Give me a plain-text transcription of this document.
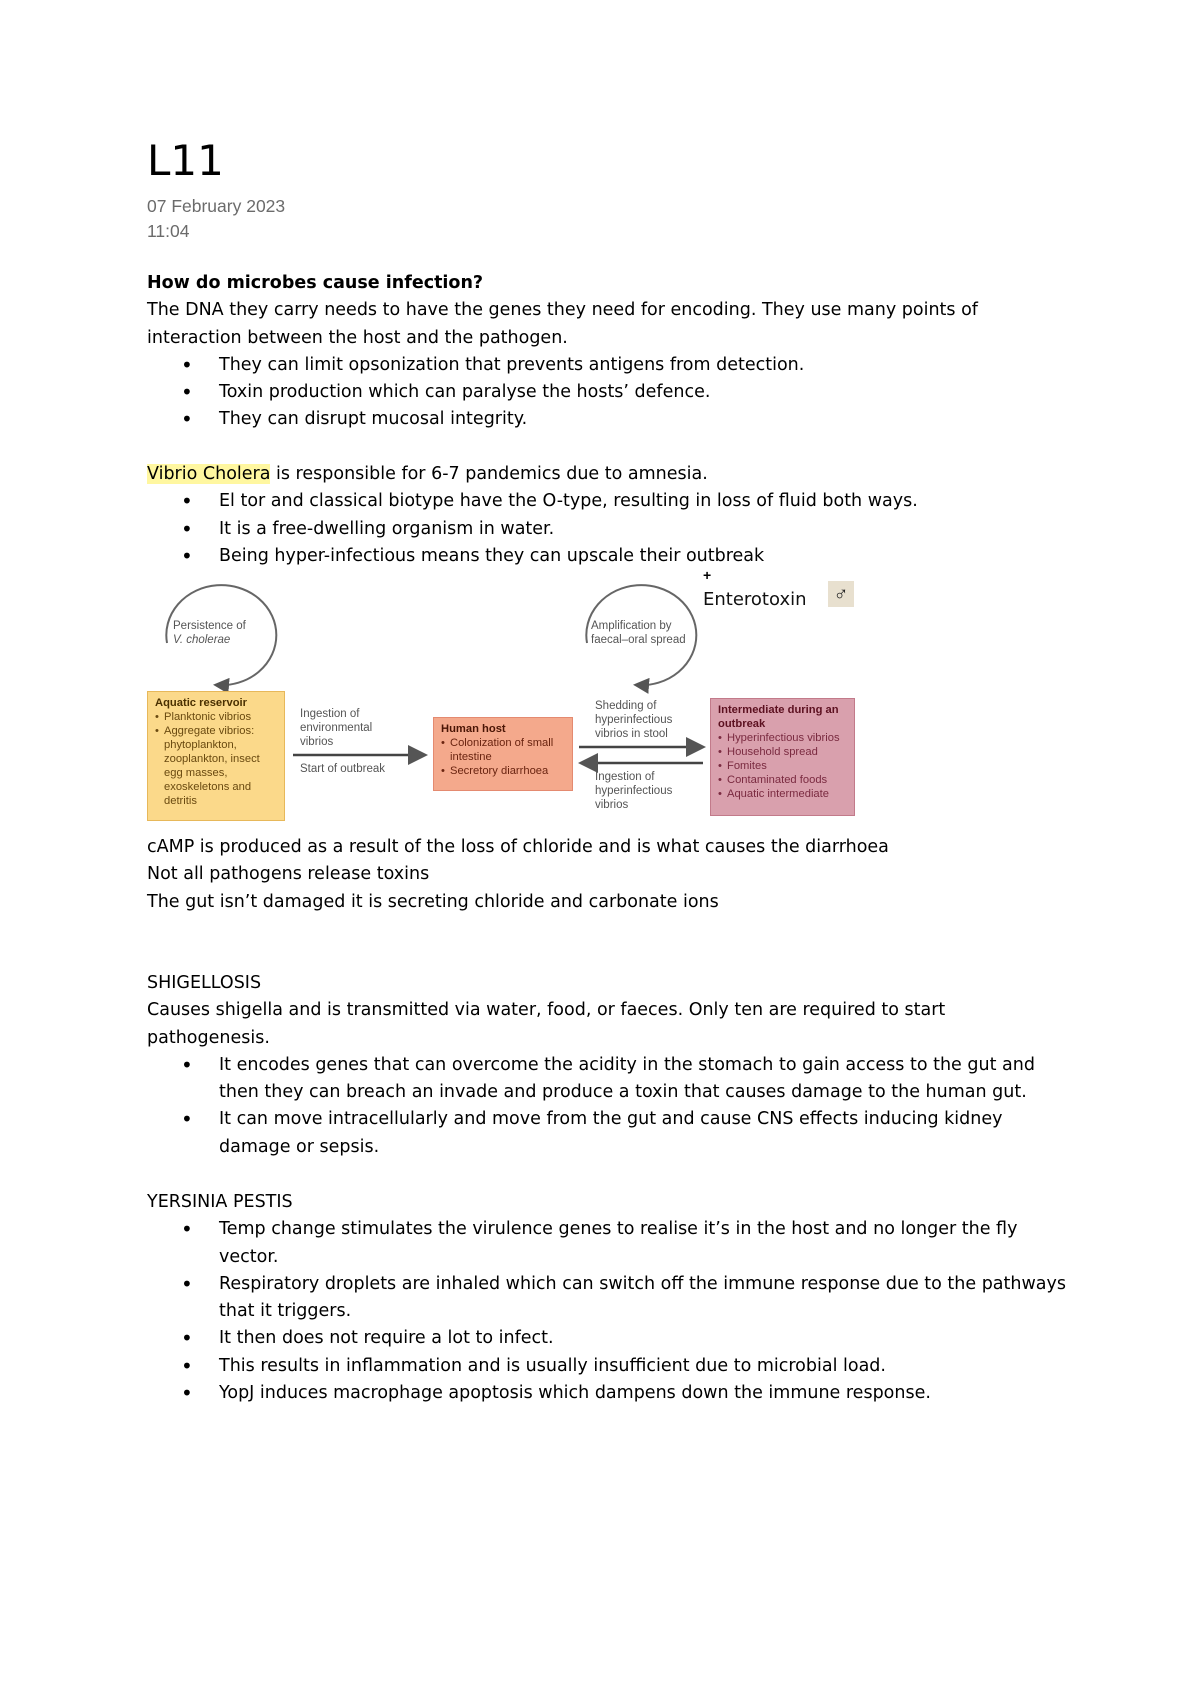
L11
07 February 2023
11:04

How do microbes cause infection?

The DNA they carry needs to have the genes they need for encoding. They use many points of interaction between the host and the pathogen.

• They can limit opsonization that prevents antigens from detection.
• Toxin production which can paralyse the hosts’ defence.
• They can disrupt mucosal integrity.

Vibrio Cholera is responsible for 6-7 pandemics due to amnesia.

• El tor and classical biotype have the O-type, resulting in loss of fluid both ways.
• It is a free-dwelling organism in water.
• Being hyper-infectious means they can upscale their outbreak
Persistence of
V. cholerae
Amplification by
faecal–oral spread
+
Enterotoxin ♂
Aquatic reservoir
• Planktonic vibrios
• Aggregate vibrios: phytoplankton, zooplankton, insect egg masses, exoskeletons and detritis
Ingestion of
environmental
vibrios
Start of outbreak
Human host
• Colonization of small intestine
• Secretory diarrhoea
Shedding of
hyperinfectious
vibrios in stool
Ingestion of
hyperinfectious
vibrios
Intermediate during an outbreak
• Hyperinfectious vibrios
• Household spread
• Fomites
• Contaminated foods
• Aquatic intermediate

cAMP is produced as a result of the loss of chloride and is what causes the diarrhoea

Not all pathogens release toxins

The gut isn’t damaged it is secreting chloride and carbonate ions

SHIGELLOSIS

Causes shigella and is transmitted via water, food, or faeces. Only ten are required to start pathogenesis.

• It encodes genes that can overcome the acidity in the stomach to gain access to the gut and then they can breach an invade and produce a toxin that causes damage to the human gut.
• It can move intracellularly and move from the gut and cause CNS effects inducing kidney damage or sepsis.

YERSINIA PESTIS

• Temp change stimulates the virulence genes to realise it’s in the host and no longer the fly vector.
• Respiratory droplets are inhaled which can switch off the immune response due to the pathways that it triggers.
• It then does not require a lot to infect.
• This results in inflammation and is usually insufficient due to microbial load.
• YopJ induces macrophage apoptosis which dampens down the immune response.
